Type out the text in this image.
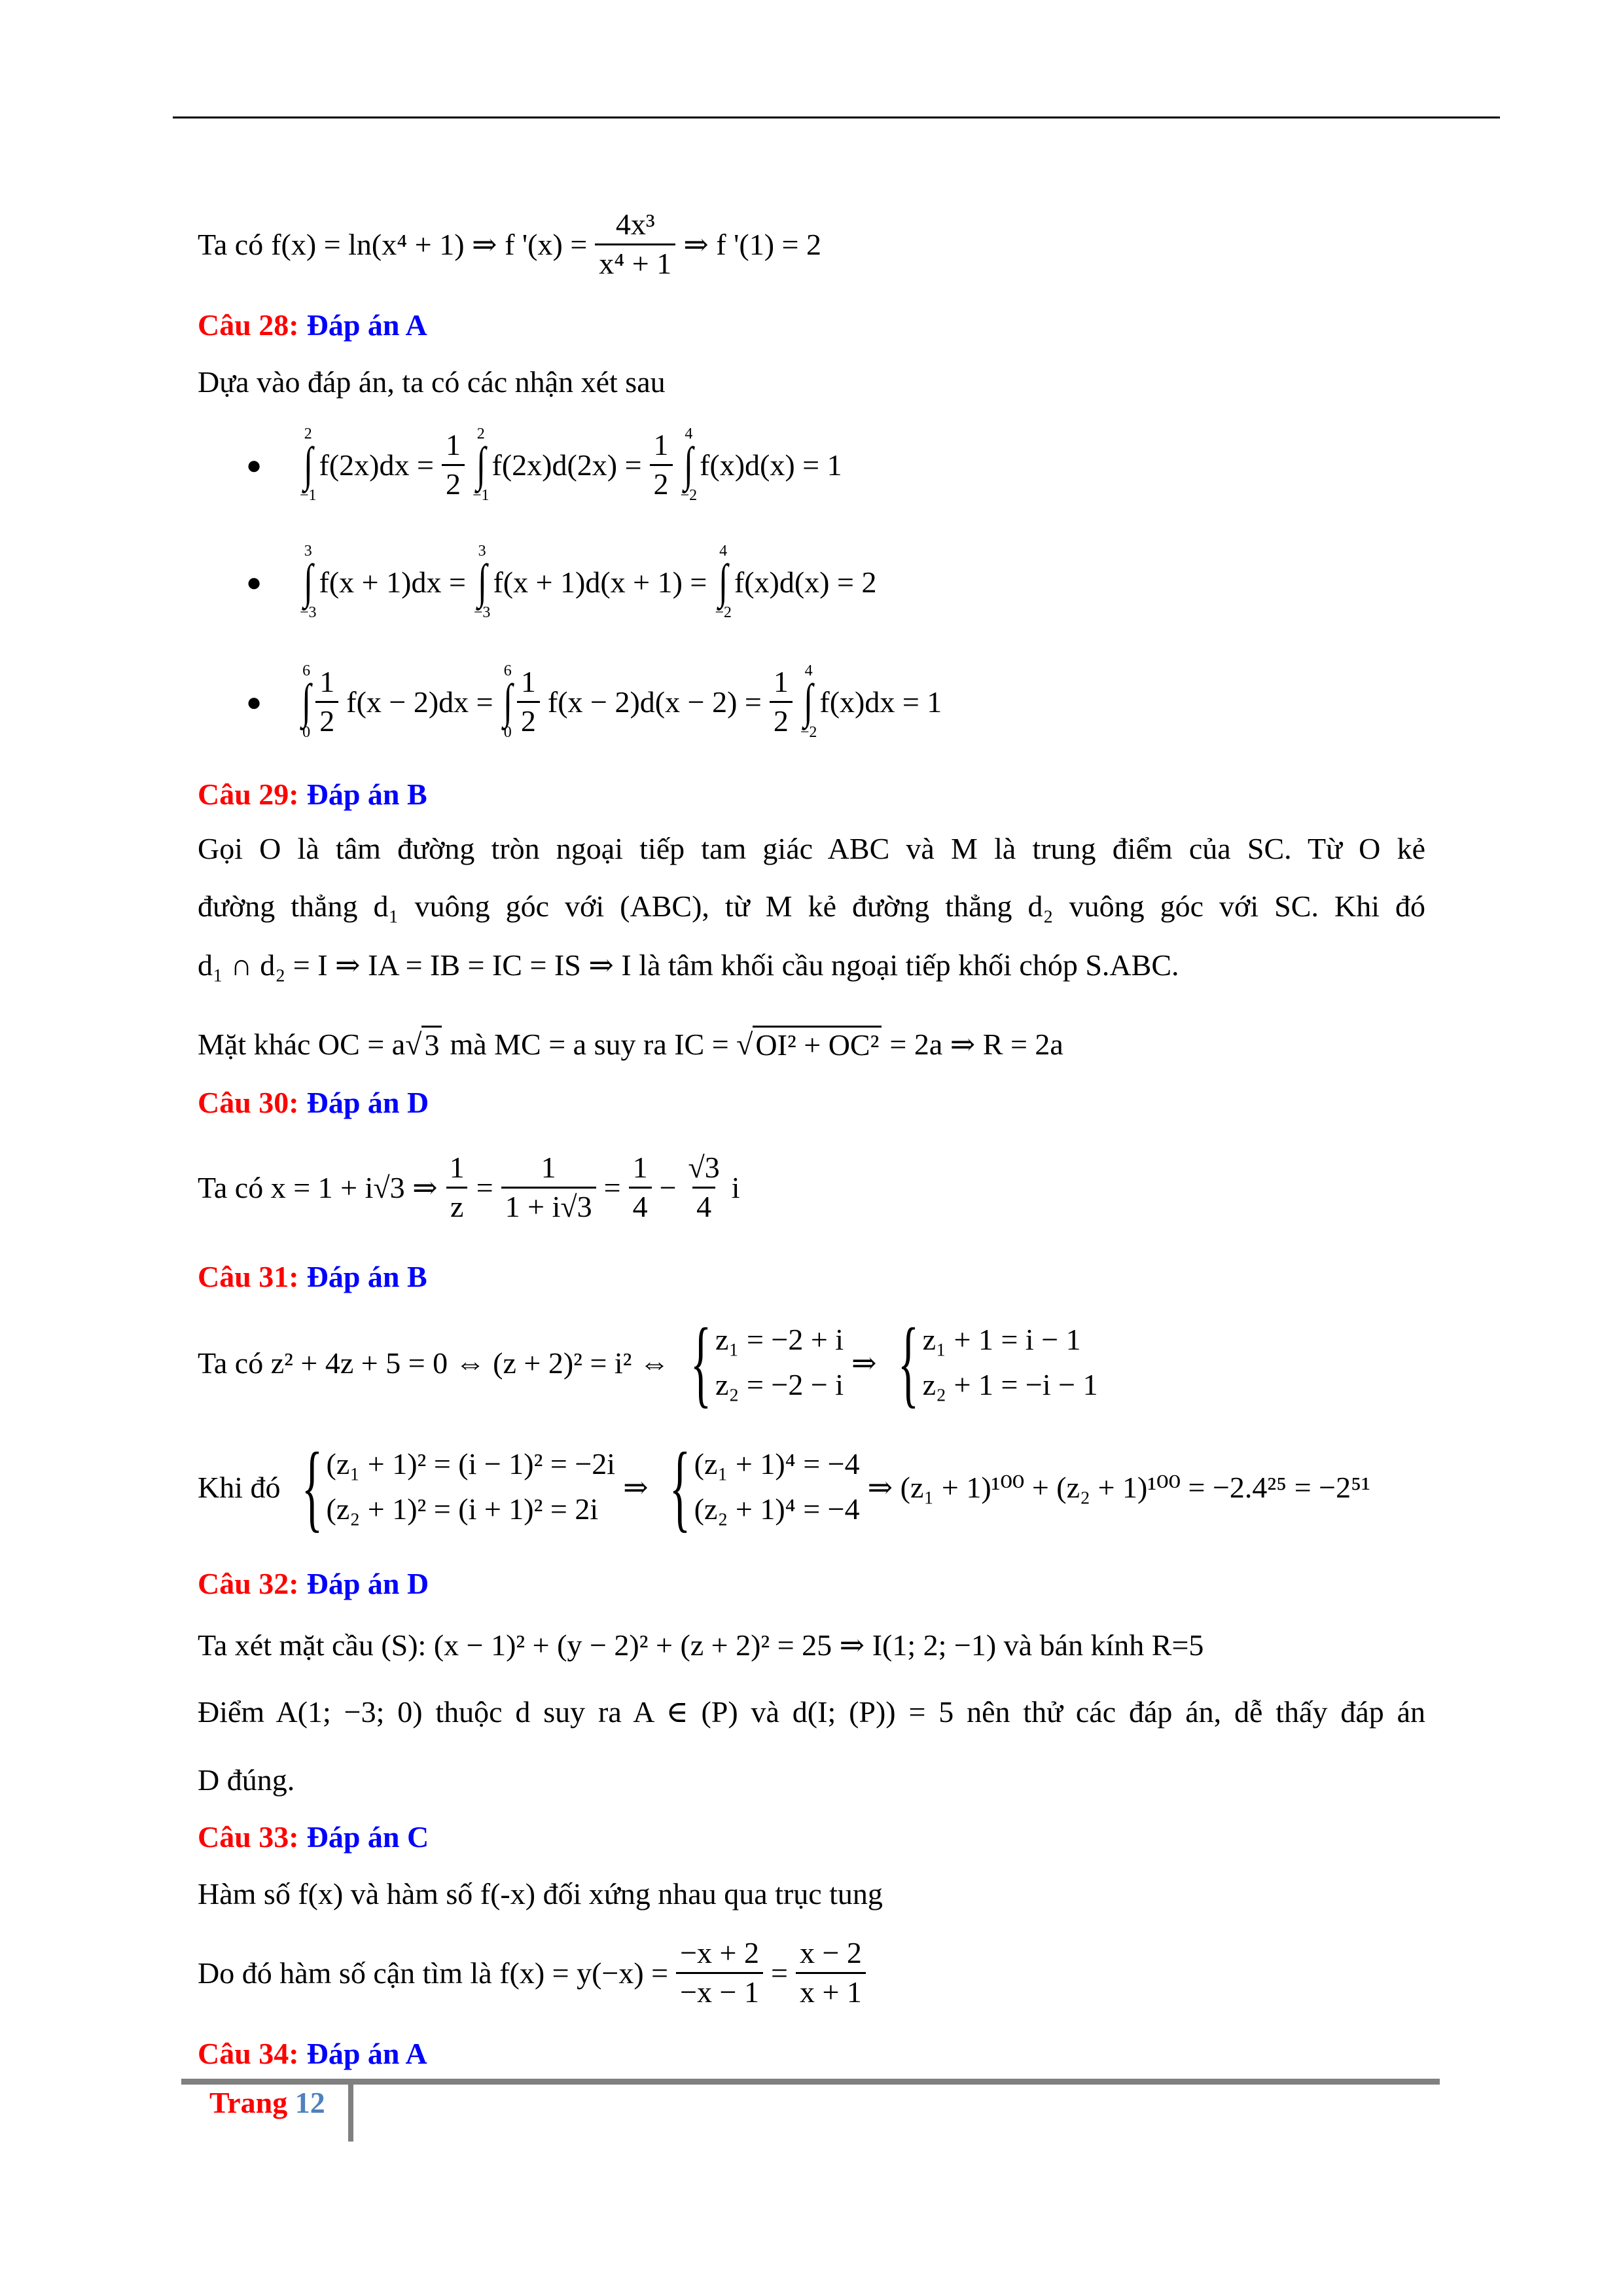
Ta có f(x) = ln(x⁴ + 1) ⇒ f '$(x) = \frac{\text{4x³}}{\text{x⁴ + 1}}$ ⇒ f '(1) = 2
Câu 28: Đáp án A
Dựa vào đáp án, ta có các nhận xét sau
●
2
∫
−1
$f(2x)dx = \frac{1}{2} 2$
∫
−1
$f(2x)d(2x) = \frac{1}{2} 4$
∫
−2
f(x)d(x) = 1
●
3
∫
−3
f(x + 1)dx =
3
∫
−3
f(x + 1)d(x + 1) =
4
∫
−2
f(x)d(x) = 2
●
6
∫
$0 \frac{1}{2} f(x - 2)dx$ =
6
∫
$0 \frac{1}{2} f(x - 2)d(x - 2) = \frac{1}{2} 4$
∫
−2
f(x)dx = 1
Câu 29: Đáp án B
Gọi O là tâm đường tròn ngoại tiếp tam giác ABC và M là trung điểm của SC. Từ O kẻ
đường thẳng d₁ vuông góc với (ABC), từ M kẻ đường thẳng d₂ vuông góc với SC. Khi đó
d₁ ∩ d₂ = I ⇒ IA = IB = IC = IS ⇒ I là tâm khối cầu ngoại tiếp khối chóp S.ABC.
Mặt khác OC = a√ 3 mà MC = a suy ra IC = √ OI² + OC² = 2a ⇒ R = 2a
Câu 30: Đáp án D
Ta có x = 1 + i√3 ⇒ $\frac{1}{z} = \frac{1}{1 + i√3} = \frac{1}{4} - \frac{√3}{4}$ i
Câu 31: Đáp án B
Ta có z² + 4z + 5 = 0 ⇔ (z + 2)² = i² ⇔ { z₁ = −2 + i
z₂ = −2 − i
⇒ { z₁ + 1 = i − 1
z₂ + 1 = −i − 1
Khi đó { (z₁ + 1)² = (i − 1)² = −2i
(z₂ + 1)² = (i + 1)² = 2i
⇒ { (z₁ + 1)⁴ = −4
(z₂ + 1)⁴ = −4
⇒ (z₁ + 1)¹⁰⁰ + (z₂ + 1)¹⁰⁰ = −2.4²⁵ = −2⁵¹
Câu 32: Đáp án D
Ta xét mặt cầu (S): (x − 1)² + (y − 2)² + (z + 2)² = 25 ⇒ I(1; 2; −1) và bán kính R=5
Điểm A(1; −3; 0) thuộc d suy ra A ∈ (P) và d(I; (P)) = 5 nên thử các đáp án, dễ thấy đáp án
D đúng.
Câu 33: Đáp án C
Hàm số f(x) và hàm số f(-x) đối xứng nhau qua trục tung
Do đó hàm số cận tìm là $f(x) = y(-x) = \frac{-x + 2}{-x - 1} = \frac{x - 2}{x + 1}$
Câu 34: Đáp án A
Trang 12
